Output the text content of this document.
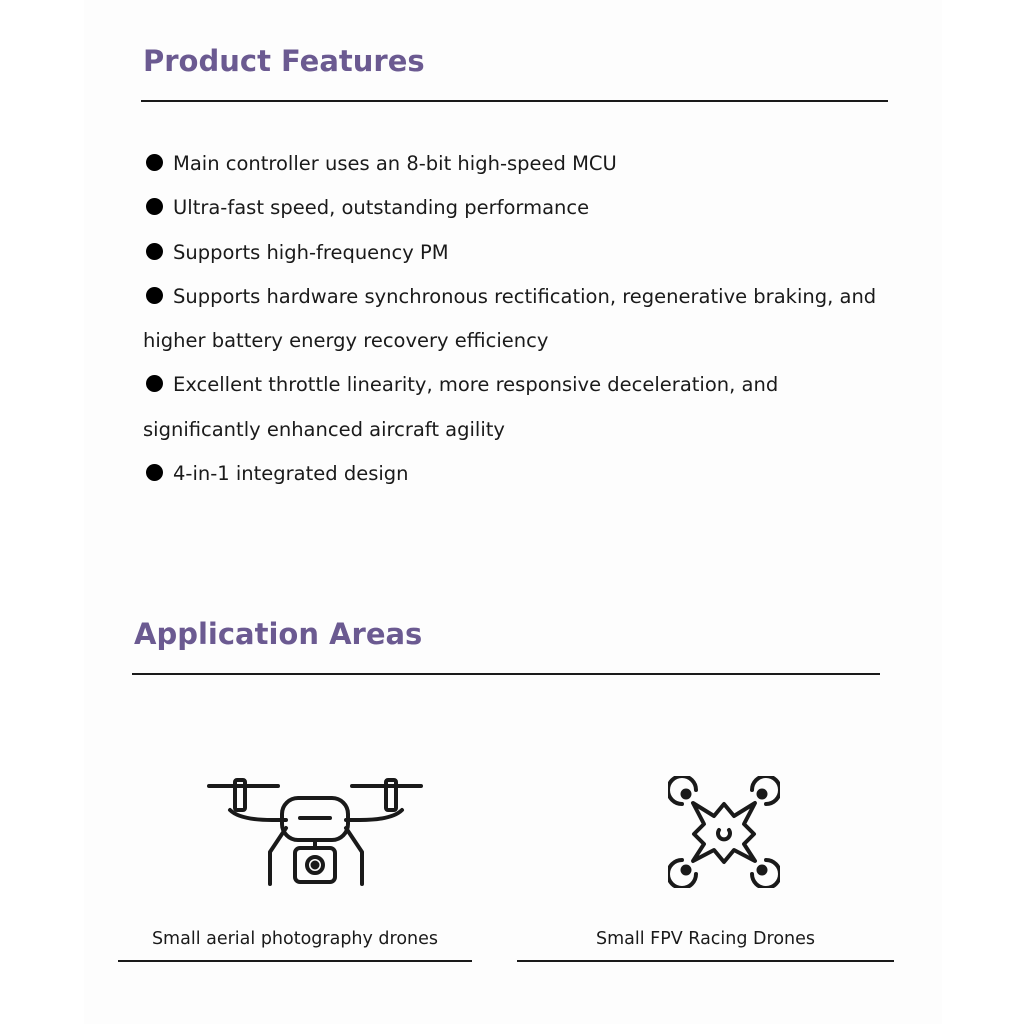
Product Features
Main controller uses an 8-bit high-speed MCU
Ultra-fast speed, outstanding performance
Supports high-frequency PM
Supports hardware synchronous rectification, regenerative braking, and higher battery energy recovery efficiency
Excellent throttle linearity, more responsive deceleration, and significantly enhanced aircraft agility
4-in-1 integrated design
Application Areas
Small aerial photography drones	Small FPV Racing Drones
